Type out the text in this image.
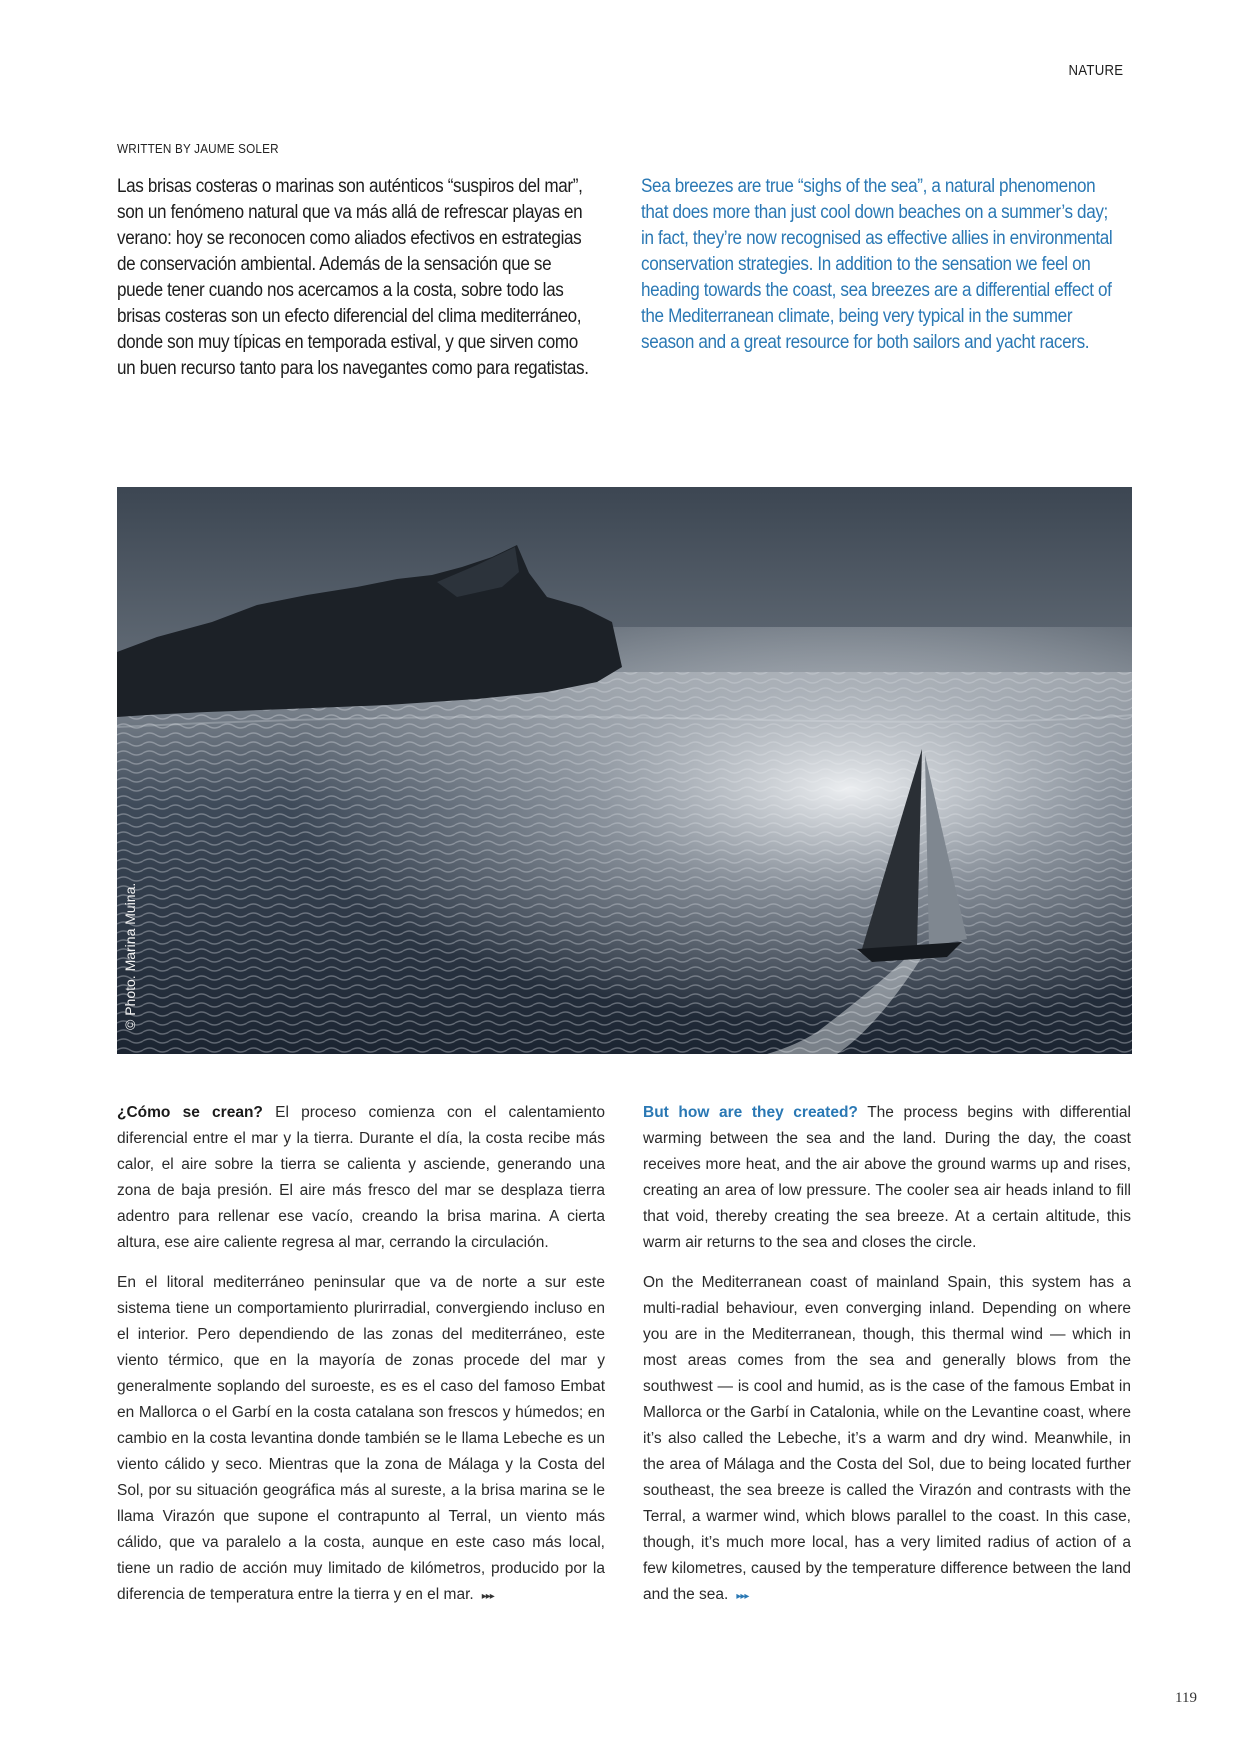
NATURE
WRITTEN BY JAUME SOLER
Las brisas costeras o marinas son auténticos “suspiros del mar”, son un fenómeno natural que va más allá de refrescar playas en verano: hoy se reconocen como aliados efectivos en estrategias de conservación ambiental. Además de la sensación que se puede tener cuando nos acercamos a la costa, sobre todo las brisas costeras son un efecto diferencial del clima mediterráneo, donde son muy típicas en temporada estival, y que sirven como un buen recurso tanto para los navegantes como para regatistas.
Sea breezes are true “sighs of the sea”, a natural phenomenon that does more than just cool down beaches on a summer’s day; in fact, they’re now recognised as effective allies in environmental conservation strategies. In addition to the sensation we feel on heading towards the coast, sea breezes are a differential effect of the Mediterranean climate, being very typical in the summer season and a great resource for both sailors and yacht racers.
© Photo. Marina Muina.

¿Cómo se crean? El proceso comienza con el calentamiento diferencial entre el mar y la tierra. Durante el día, la costa recibe más calor, el aire sobre la tierra se calienta y asciende, generando una zona de baja presión. El aire más fresco del mar se desplaza tierra adentro para rellenar ese vacío, creando la brisa marina. A cierta altura, ese aire caliente regresa al mar, cerrando la circulación.

En el litoral mediterráneo peninsular que va de norte a sur este sistema tiene un comportamiento plurirradial, convergiendo incluso en el interior. Pero dependiendo de las zonas del mediterráneo, este viento térmico, que en la mayoría de zonas procede del mar y generalmente soplando del suroeste, es es el caso del famoso Embat en Mallorca o el Garbí en la costa catalana son frescos y húmedos; en cambio en la costa levantina donde también se le llama Lebeche es un viento cálido y seco. Mientras que la zona de Málaga y la Costa del Sol, por su situación geográfica más al sureste, a la brisa marina se le llama Virazón que supone el contrapunto al Terral, un viento más cálido, que va paralelo a la costa, aunque en este caso más local, tiene un radio de acción muy limitado de kilómetros, producido por la diferencia de temperatura entre la tierra y en el mar. ▸▸▸

But how are they created? The process begins with differential warming between the sea and the land. During the day, the coast receives more heat, and the air above the ground warms up and rises, creating an area of low pressure. The cooler sea air heads inland to fill that void, thereby creating the sea breeze. At a certain altitude, this warm air returns to the sea and closes the circle.

On the Mediterranean coast of mainland Spain, this system has a multi-radial behaviour, even converging inland. Depending on where you are in the Mediterranean, though, this thermal wind — which in most areas comes from the sea and generally blows from the southwest — is cool and humid, as is the case of the famous Embat in Mallorca or the Garbí in Catalonia, while on the Levantine coast, where it’s also called the Lebeche, it’s a warm and dry wind. Meanwhile, in the area of Málaga and the Costa del Sol, due to being located further southeast, the sea breeze is called the Virazón and contrasts with the Terral, a warmer wind, which blows parallel to the coast. In this case, though, it’s much more local, has a very limited radius of action of a few kilometres, caused by the temperature difference between the land and the sea. ▸▸▸

119
